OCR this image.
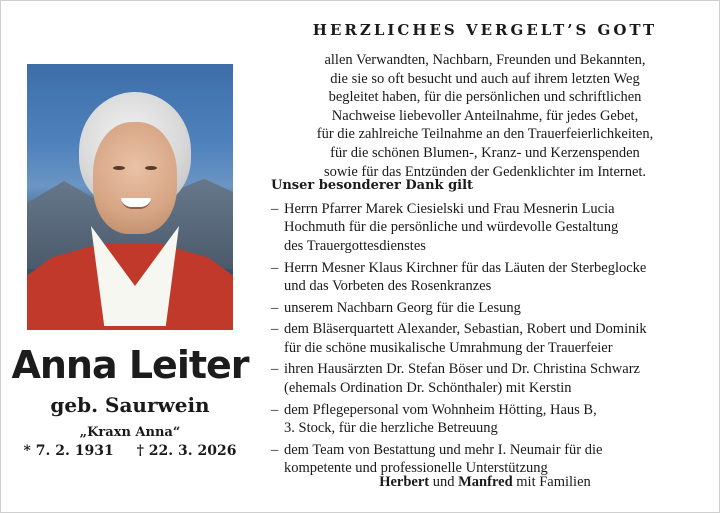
Anna Leiter
geb. Saurwein
„Kraxn Anna“
* 7. 2. 1931 † 22. 3. 2026
HERZLICHES VERGELT’S GOTT
allen Verwandten, Nachbarn, Freunden und Bekannten,
die sie so oft besucht und auch auf ihrem letzten Weg
begleitet haben, für die persönlichen und schriftlichen
Nachweise liebevoller Anteilnahme, für jedes Gebet,
für die zahlreiche Teilnahme an den Trauerfeierlichkeiten,
für die schönen Blumen-, Kranz- und Kerzenspenden
sowie für das Entzünden der Gedenklichter im Internet.
Unser besonderer Dank gilt
– Herrn Pfarrer Marek Ciesielski und Frau Mesnerin Lucia
Hochmuth für die persönliche und würdevolle Gestaltung
des Trauergottesdienstes
– Herrn Mesner Klaus Kirchner für das Läuten der Sterbeglocke
und das Vorbeten des Rosenkranzes
– unserem Nachbarn Georg für die Lesung
– dem Bläserquartett Alexander, Sebastian, Robert und Dominik
für die schöne musikalische Umrahmung der Trauerfeier
– ihren Hausärzten Dr. Stefan Böser und Dr. Christina Schwarz
(ehemals Ordination Dr. Schönthaler) mit Kerstin
– dem Pflegepersonal vom Wohnheim Hötting, Haus B,
3. Stock, für die herzliche Betreuung
– dem Team von Bestattung und mehr I. Neumair für die
kompetente und professionelle Unterstützung
Herbert und Manfred mit Familien
